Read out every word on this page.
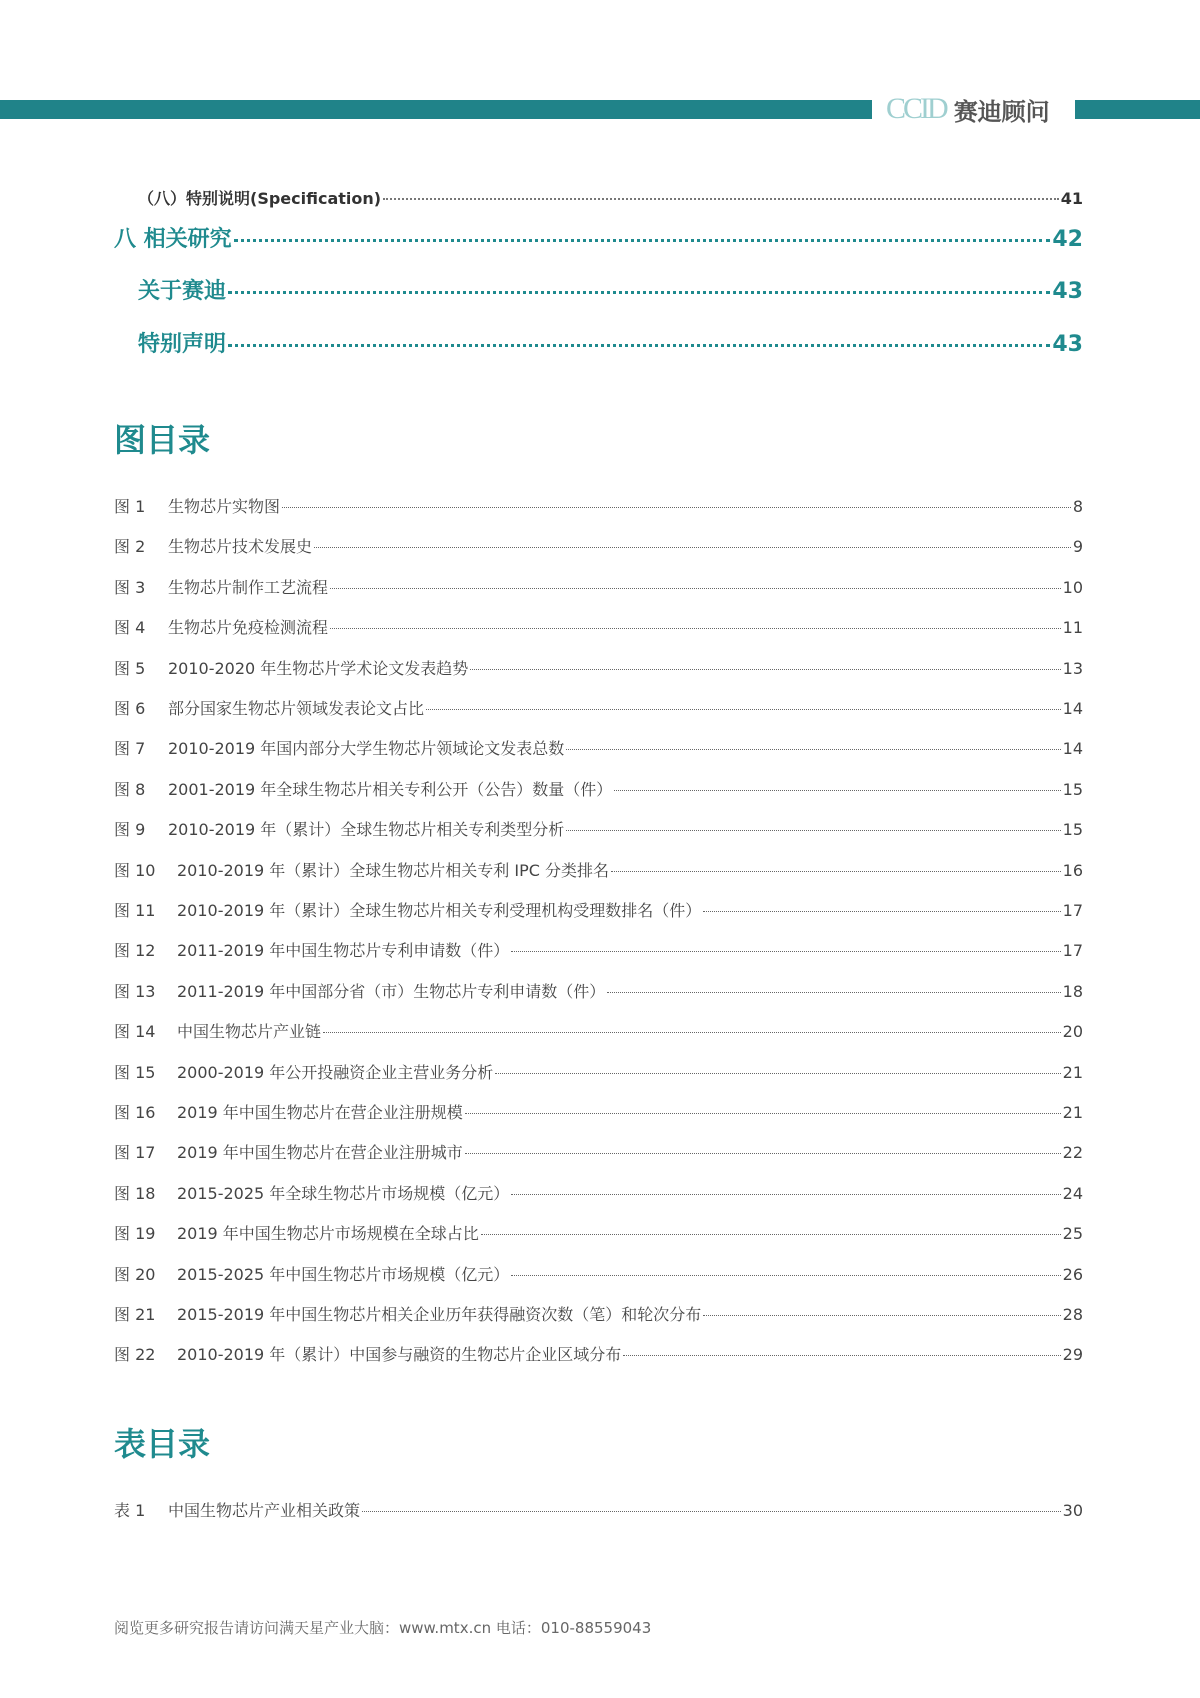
CCID 赛迪顾问
（八）特别说明(Specification)	41
八 相关研究	42
关于赛迪	43
特别声明	43
图目录
图 1	生物芯片实物图	8
图 2	生物芯片技术发展史	9
图 3	生物芯片制作工艺流程	10
图 4	生物芯片免疫检测流程	11
图 5	2010-2020 年生物芯片学术论文发表趋势	13
图 6	部分国家生物芯片领域发表论文占比	14
图 7	2010-2019 年国内部分大学生物芯片领域论文发表总数	14
图 8	2001-2019 年全球生物芯片相关专利公开（公告）数量（件）	15
图 9	2010-2019 年（累计）全球生物芯片相关专利类型分析	15
图 10	2010-2019 年（累计）全球生物芯片相关专利 IPC 分类排名	16
图 11	2010-2019 年（累计）全球生物芯片相关专利受理机构受理数排名（件）	17
图 12	2011-2019 年中国生物芯片专利申请数（件）	17
图 13	2011-2019 年中国部分省（市）生物芯片专利申请数（件）	18
图 14	中国生物芯片产业链	20
图 15	2000-2019 年公开投融资企业主营业务分析	21
图 16	2019 年中国生物芯片在营企业注册规模	21
图 17	2019 年中国生物芯片在营企业注册城市	22
图 18	2015-2025 年全球生物芯片市场规模（亿元）	24
图 19	2019 年中国生物芯片市场规模在全球占比	25
图 20	2015-2025 年中国生物芯片市场规模（亿元）	26
图 21	2015-2019 年中国生物芯片相关企业历年获得融资次数（笔）和轮次分布	28
图 22	2010-2019 年（累计）中国参与融资的生物芯片企业区域分布	29
表目录
表 1	中国生物芯片产业相关政策	30
阅览更多研究报告请访问满天星产业大脑：www.mtx.cn 电话：010-88559043
